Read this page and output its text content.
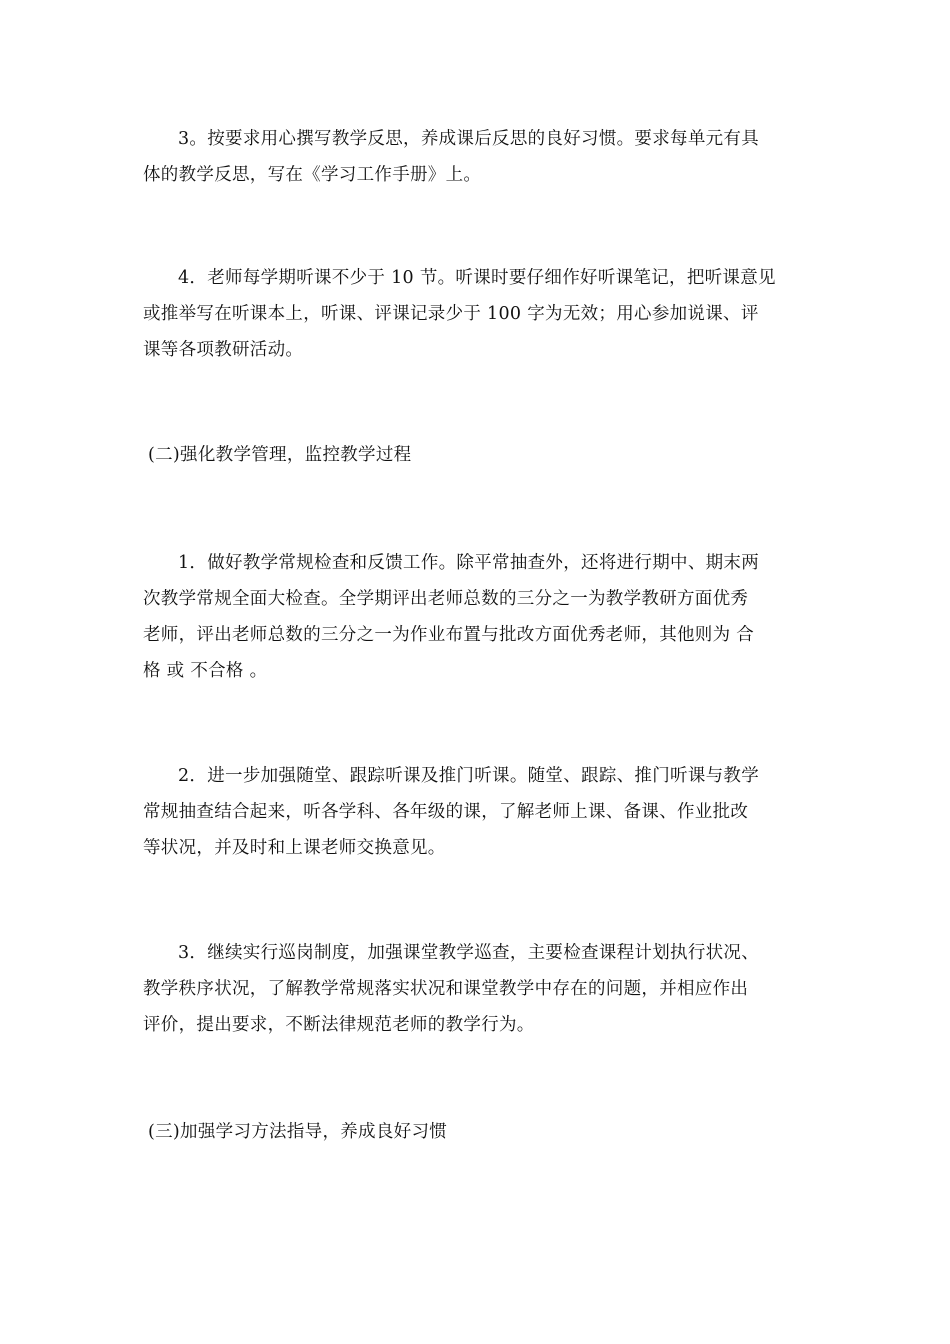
3。按要求用心撰写教学反思，养成课后反思的良好习惯。要求每单元有具
体的教学反思，写在《学习工作手册》上。

4．老师每学期听课不少于 10 节。听课时要仔细作好听课笔记，把听课意见
或推举写在听课本上，听课、评课记录少于 100 字为无效；用心参加说课、评
课等各项教研活动。

(二)强化教学管理，监控教学过程

1．做好教学常规检查和反馈工作。除平常抽查外，还将进行期中、期末两
次教学常规全面大检查。全学期评出老师总数的三分之一为教学教研方面优秀
老师，评出老师总数的三分之一为作业布置与批改方面优秀老师，其他则为 合
格 或 不合格 。

2．进一步加强随堂、跟踪听课及推门听课。随堂、跟踪、推门听课与教学
常规抽查结合起来，听各学科、各年级的课，了解老师上课、备课、作业批改
等状况，并及时和上课老师交换意见。

3．继续实行巡岗制度，加强课堂教学巡查，主要检查课程计划执行状况、
教学秩序状况，了解教学常规落实状况和课堂教学中存在的问题，并相应作出
评价，提出要求，不断法律规范老师的教学行为。

(三)加强学习方法指导，养成良好习惯
